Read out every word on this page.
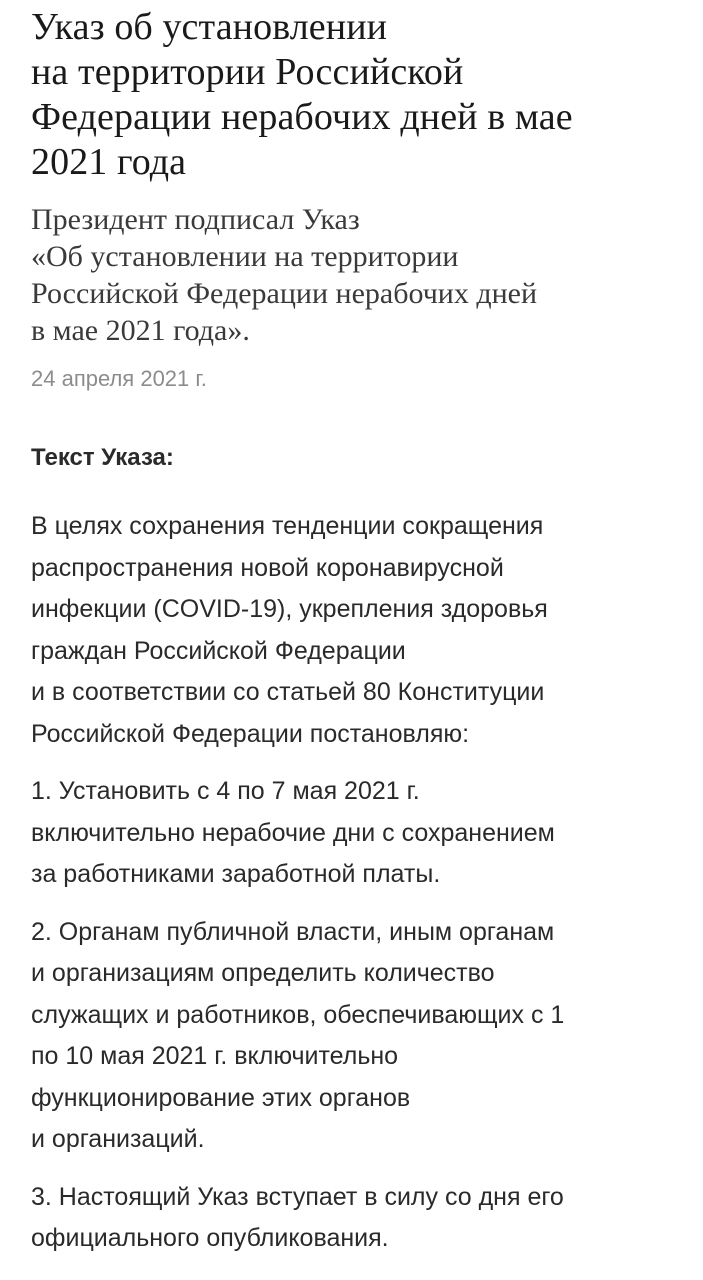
Указ об установлении
на территории Российской
Федерации нерабочих дней в мае
2021 года

Президент подписал Указ
«Об установлении на территории
Российской Федерации нерабочих дней
в мае 2021 года».

24 апреля 2021 г.

Текст Указа:

В целях сохранения тенденции сокращения
распространения новой коронавирусной
инфекции (COVID-19), укрепления здоровья
граждан Российской Федерации
и в соответствии со статьей 80 Конституции
Российской Федерации постановляю:

1. Установить с 4 по 7 мая 2021 г.
включительно нерабочие дни с сохранением
за работниками заработной платы.

2. Органам публичной власти, иным органам
и организациям определить количество
служащих и работников, обеспечивающих с 1
по 10 мая 2021 г. включительно
функционирование этих органов
и организаций.

3. Настоящий Указ вступает в силу со дня его
официального опубликования.
